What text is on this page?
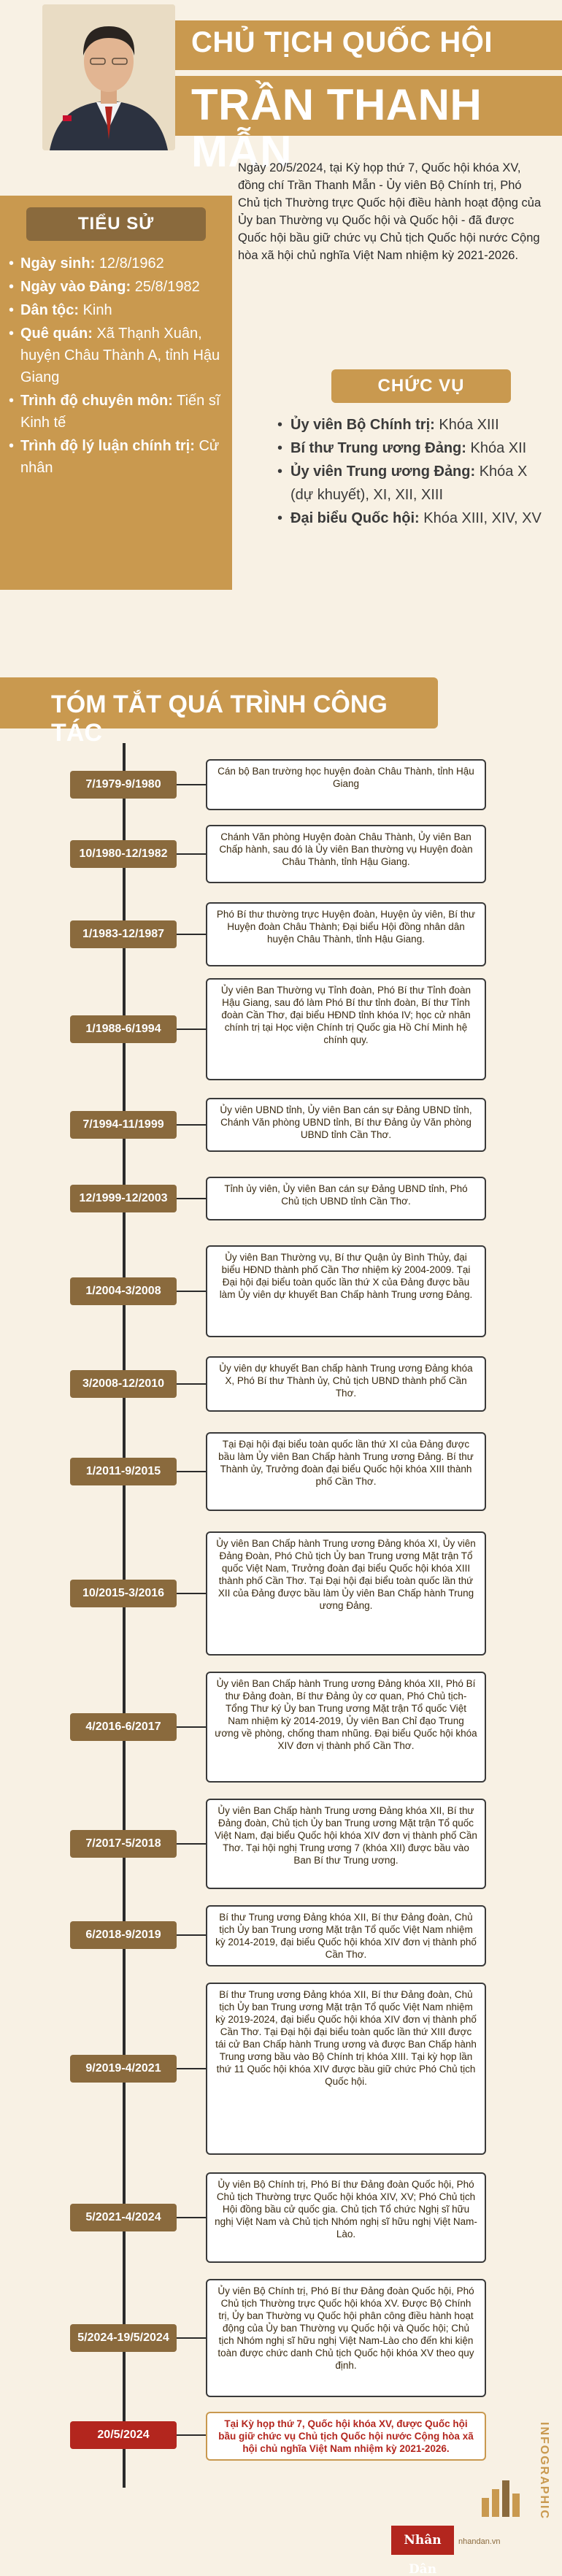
CHỦ TỊCH QUỐC HỘI
TRẦN THANH MẪN

Ngày 20/5/2024, tại Kỳ họp thứ 7, Quốc hội khóa XV, đồng chí Trần Thanh Mẫn - Ủy viên Bộ Chính trị, Phó Chủ tịch Thường trực Quốc hội điều hành hoạt động của Ủy ban Thường vụ Quốc hội và Quốc hội - đã được Quốc hội bầu giữ chức vụ Chủ tịch Quốc hội nước Cộng hòa xã hội chủ nghĩa Việt Nam nhiệm kỳ 2021-2026.

TIỂU SỬ
• Ngày sinh: 12/8/1962
• Ngày vào Đảng: 25/8/1982
• Dân tộc: Kinh
• Quê quán: Xã Thạnh Xuân, huyện Châu Thành A, tỉnh Hậu Giang
• Trình độ chuyên môn: Tiến sĩ Kinh tế
• Trình độ lý luận chính trị: Cử nhân
CHỨC VỤ
• Ủy viên Bộ Chính trị: Khóa XIII
• Bí thư Trung ương Đảng: Khóa XII
• Ủy viên Trung ương Đảng: Khóa X (dự khuyết), XI, XII, XIII
• Đại biểu Quốc hội: Khóa XIII, XIV, XV
TÓM TẮT QUÁ TRÌNH CÔNG TÁC
7/1979-9/1980
Cán bộ Ban trường học huyện đoàn Châu Thành, tỉnh Hậu Giang
10/1980-12/1982
Chánh Văn phòng Huyện đoàn Châu Thành, Ủy viên Ban Chấp hành, sau đó là Ủy viên Ban thường vụ Huyện đoàn Châu Thành, tỉnh Hậu Giang.
1/1983-12/1987
Phó Bí thư thường trực Huyện đoàn, Huyện ủy viên, Bí thư Huyện đoàn Châu Thành; Đại biểu Hội đồng nhân dân huyện Châu Thành, tỉnh Hậu Giang.
1/1988-6/1994
Ủy viên Ban Thường vụ Tỉnh đoàn, Phó Bí thư Tỉnh đoàn Hậu Giang, sau đó làm Phó Bí thư tỉnh đoàn, Bí thư Tỉnh đoàn Cần Thơ, đại biểu HĐND tỉnh khóa IV; học cử nhân chính trị tại Học viện Chính trị Quốc gia Hồ Chí Minh hệ chính quy.
7/1994-11/1999
Ủy viên UBND tỉnh, Ủy viên Ban cán sự Đảng UBND tỉnh, Chánh Văn phòng UBND tỉnh, Bí thư Đảng ủy Văn phòng UBND tỉnh Cần Thơ.
12/1999-12/2003
Tỉnh ủy viên, Ủy viên Ban cán sự Đảng UBND tỉnh, Phó Chủ tịch UBND tỉnh Cần Thơ.
1/2004-3/2008
Ủy viên Ban Thường vụ, Bí thư Quận ủy Bình Thủy, đại biểu HĐND thành phố Cần Thơ nhiệm kỳ 2004-2009. Tại Đại hội đại biểu toàn quốc lần thứ X của Đảng được bầu làm Ủy viên dự khuyết Ban Chấp hành Trung ương Đảng.
3/2008-12/2010
Ủy viên dự khuyết Ban chấp hành Trung ương Đảng khóa X, Phó Bí thư Thành ủy, Chủ tịch UBND thành phố Cần Thơ.
1/2011-9/2015
Tại Đại hội đại biểu toàn quốc lần thứ XI của Đảng được bầu làm Ủy viên Ban Chấp hành Trung ương Đảng. Bí thư Thành ủy, Trưởng đoàn đại biểu Quốc hội khóa XIII thành phố Cần Thơ.
10/2015-3/2016
Ủy viên Ban Chấp hành Trung ương Đảng khóa XI, Ủy viên Đảng Đoàn, Phó Chủ tịch Ủy ban Trung ương Mặt trận Tổ quốc Việt Nam, Trưởng đoàn đại biểu Quốc hội khóa XIII thành phố Cần Thơ. Tại Đại hội đại biểu toàn quốc lần thứ XII của Đảng được bầu làm Ủy viên Ban Chấp hành Trung ương Đảng.
4/2016-6/2017
Ủy viên Ban Chấp hành Trung ương Đảng khóa XII, Phó Bí thư Đảng đoàn, Bí thư Đảng ủy cơ quan, Phó Chủ tịch-Tổng Thư ký Ủy ban Trung ương Mặt trận Tổ quốc Việt Nam nhiệm kỳ 2014-2019, Ủy viên Ban Chỉ đạo Trung ương về phòng, chống tham nhũng. Đại biểu Quốc hội khóa XIV đơn vị thành phố Cần Thơ.
7/2017-5/2018
Ủy viên Ban Chấp hành Trung ương Đảng khóa XII, Bí thư Đảng đoàn, Chủ tịch Ủy ban Trung ương Mặt trận Tổ quốc Việt Nam, đại biểu Quốc hội khóa XIV đơn vị thành phố Cần Thơ. Tại hội nghị Trung ương 7 (khóa XII) được bầu vào Ban Bí thư Trung ương.
6/2018-9/2019
Bí thư Trung ương Đảng khóa XII, Bí thư Đảng đoàn, Chủ tịch Ủy ban Trung ương Mặt trận Tổ quốc Việt Nam nhiệm kỳ 2014-2019, đại biểu Quốc hội khóa XIV đơn vị thành phố Cần Thơ.
9/2019-4/2021
Bí thư Trung ương Đảng khóa XII, Bí thư Đảng đoàn, Chủ tịch Ủy ban Trung ương Mặt trận Tổ quốc Việt Nam nhiệm kỳ 2019-2024, đại biểu Quốc hội khóa XIV đơn vị thành phố Cần Thơ. Tại Đại hội đại biểu toàn quốc lần thứ XIII được tái cử Ban Chấp hành Trung ương và được Ban Chấp hành Trung ương bầu vào Bộ Chính trị khóa XIII. Tại kỳ họp lần thứ 11 Quốc hội khóa XIV được bầu giữ chức Phó Chủ tịch Quốc hội.
5/2021-4/2024
Ủy viên Bộ Chính trị, Phó Bí thư Đảng đoàn Quốc hội, Phó Chủ tịch Thường trực Quốc hội khóa XIV, XV; Phó Chủ tịch Hội đồng bầu cử quốc gia. Chủ tịch Tổ chức Nghị sĩ hữu nghị Việt Nam và Chủ tịch Nhóm nghị sĩ hữu nghị Việt Nam-Lào.
5/2024-19/5/2024
Ủy viên Bộ Chính trị, Phó Bí thư Đảng đoàn Quốc hội, Phó Chủ tịch Thường trực Quốc hội khóa XV. Được Bộ Chính trị, Ủy ban Thường vụ Quốc hội phân công điều hành hoạt động của Ủy ban Thường vụ Quốc hội và Quốc hội; Chủ tịch Nhóm nghị sĩ hữu nghị Việt Nam-Lào cho đến khi kiện toàn được chức danh Chủ tịch Quốc hội khóa XV theo quy định.
20/5/2024
Tại Kỳ họp thứ 7, Quốc hội khóa XV, được Quốc hội bầu giữ chức vụ Chủ tịch Quốc hội nước Cộng hòa xã hội chủ nghĩa Việt Nam nhiệm kỳ 2021-2026.	INFOGRAPHIC
Nhân Dân
nhandan.vn
